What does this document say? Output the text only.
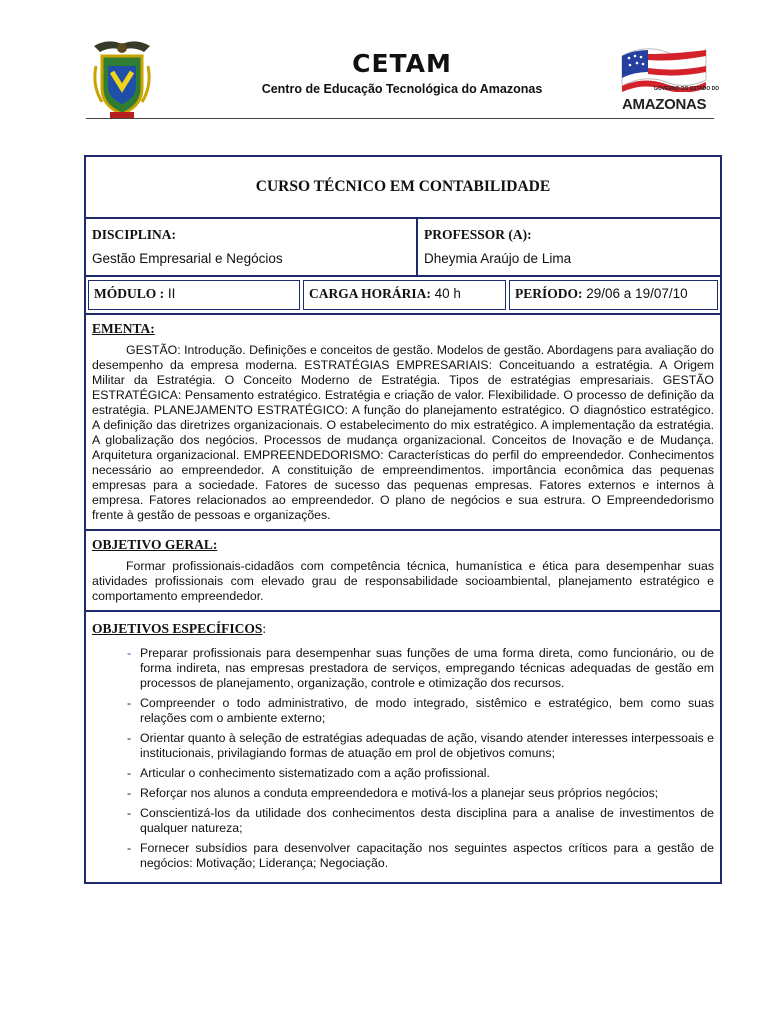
CETAM
Centro de Educação Tecnológica do Amazonas	GOVERNO DO ESTADO DO
AMAZONAS
CURSO TÉCNICO EM CONTABILIDADE
DISCIPLINA:
Gestão Empresarial e Negócios
PROFESSOR (A):
Dheymia Araújo de Lima
MÓDULO : II	CARGA HORÁRIA: 40 h	PERÍODO: 29/06 a 19/07/10
EMENTA:
GESTÃO: Introdução. Definições e conceitos de gestão. Modelos de gestão. Abordagens para avaliação do desempenho da empresa moderna. ESTRATÉGIAS EMPRESARIAIS: Conceituando a estratégia. A Origem Militar da Estratégia. O Conceito Moderno de Estratégia. Tipos de estratégias empresariais. GESTÃO ESTRATÉGICA: Pensamento estratégico. Estratégia e criação de valor. Flexibilidade. O processo de definição da estratégia. PLANEJAMENTO ESTRATÉGICO: A função do planejamento estratégico. O diagnóstico estratégico. A definição das diretrizes organizacionais. O estabelecimento do mix estratégico. A implementação da estratégia. A globalização dos negócios. Processos de mudança organizacional. Conceitos de Inovação e de Mudança. Arquitetura organizacional. EMPREENDEDORISMO: Características do perfil do empreendedor. Conhecimentos necessário ao empreendedor. A constituição de empreendimentos. importância econômica das pequenas empresas para a sociedade. Fatores de sucesso das pequenas empresas. Fatores externos e internos à empresa. Fatores relacionados ao empreendedor. O plano de negócios e sua estrura. O Empreendedorismo frente à gestão de pessoas e organizações.
OBJETIVO GERAL:
Formar profissionais-cidadãos com competência técnica, humanística e ética para desempenhar suas atividades profissionais com elevado grau de responsabilidade socioambiental, planejamento estratégico e comportamento empreendedor.
OBJETIVOS ESPECÍFICOS:
- Preparar profissionais para desempenhar suas funções de uma forma direta, como funcionário, ou de forma indireta, nas empresas prestadora de serviços, empregando técnicas adequadas de gestão em processos de planejamento, organização, controle e otimização dos recursos.
- Compreender o todo administrativo, de modo integrado, sistêmico e estratégico, bem como suas relações com o ambiente externo;
- Orientar quanto à seleção de estratégias adequadas de ação, visando atender interesses interpessoais e institucionais, privilagiando formas de atuação em prol de objetivos comuns;
- Articular o conhecimento sistematizado com a ação profissional.
- Reforçar nos alunos a conduta empreendedora e motivá-los a planejar seus próprios negócios;
- Conscientizá-los da utilidade dos conhecimentos desta disciplina para a analise de investimentos de qualquer natureza;
- Fornecer subsídios para desenvolver capacitação nos seguintes aspectos críticos para a gestão de negócios: Motivação; Liderança; Negociação.
